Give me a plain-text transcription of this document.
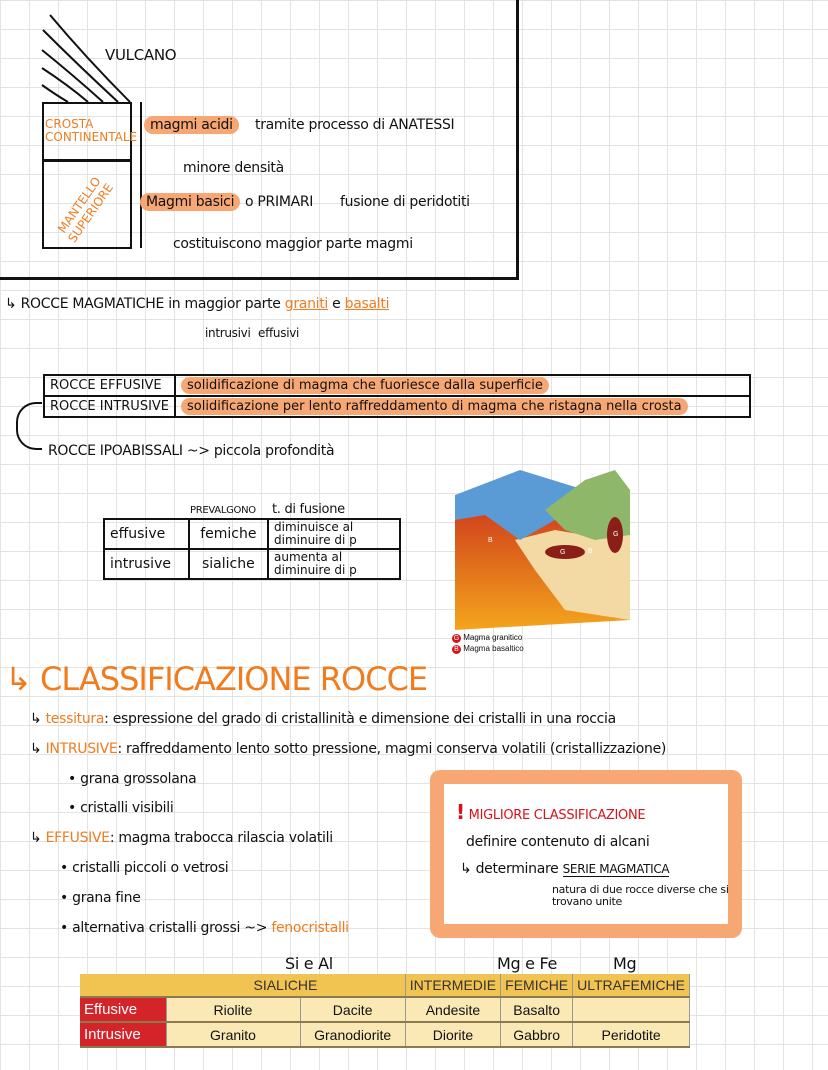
VULCANO
CROSTA CONTINENTALE
MANTELLO SUPERIORE
magmi acidi	tramite processo di ANATESSI
minore densità
Magmi basici o PRIMARI fusione di peridotiti
costituiscono maggior parte magmi
↳ ROCCE MAGMATICHE in maggior parte graniti e basalti
intrusivi effusivi
ROCCE EFFUSIVE	solidificazione di magma che fuoriesce dalla superficie
ROCCE INTRUSIVE	solidificazione per lento raffreddamento di magma che ristagna nella crosta
ROCCE IPOABISSALI ~> piccola profondità
PREVALGONO t. di fusione
effusive	femiche	diminuisce al diminuire di p
intrusive	sialiche	aumenta al diminuire di p
B
G	B
G
G Magma granitico
B Magma basaltico
↳ CLASSIFICAZIONE ROCCE
↳ tessitura: espressione del grado di cristallinità e dimensione dei cristalli in una roccia
↳ INTRUSIVE: raffreddamento lento sotto pressione, magmi conserva volatili (cristallizzazione)
• grana grossolana
• cristalli visibili
↳ EFFUSIVE: magma trabocca rilascia volatili
• cristalli piccoli o vetrosi
• grana fine
• alternativa cristalli grossi ~> fenocristalli
! MIGLIORE CLASSIFICAZIONE
definire contenuto di alcani
↳ determinare SERIE MAGMATICA
natura di due rocce diverse che si trovano unite
Si e Al	Mg e Fe	Mg
	SIALICHE		INTERMEDIE	FEMICHE	ULTRAFEMICHE
Effusive	Riolite	Dacite	Andesite	Basalto	
Intrusive	Granito	Granodiorite	Diorite	Gabbro	Peridotite
